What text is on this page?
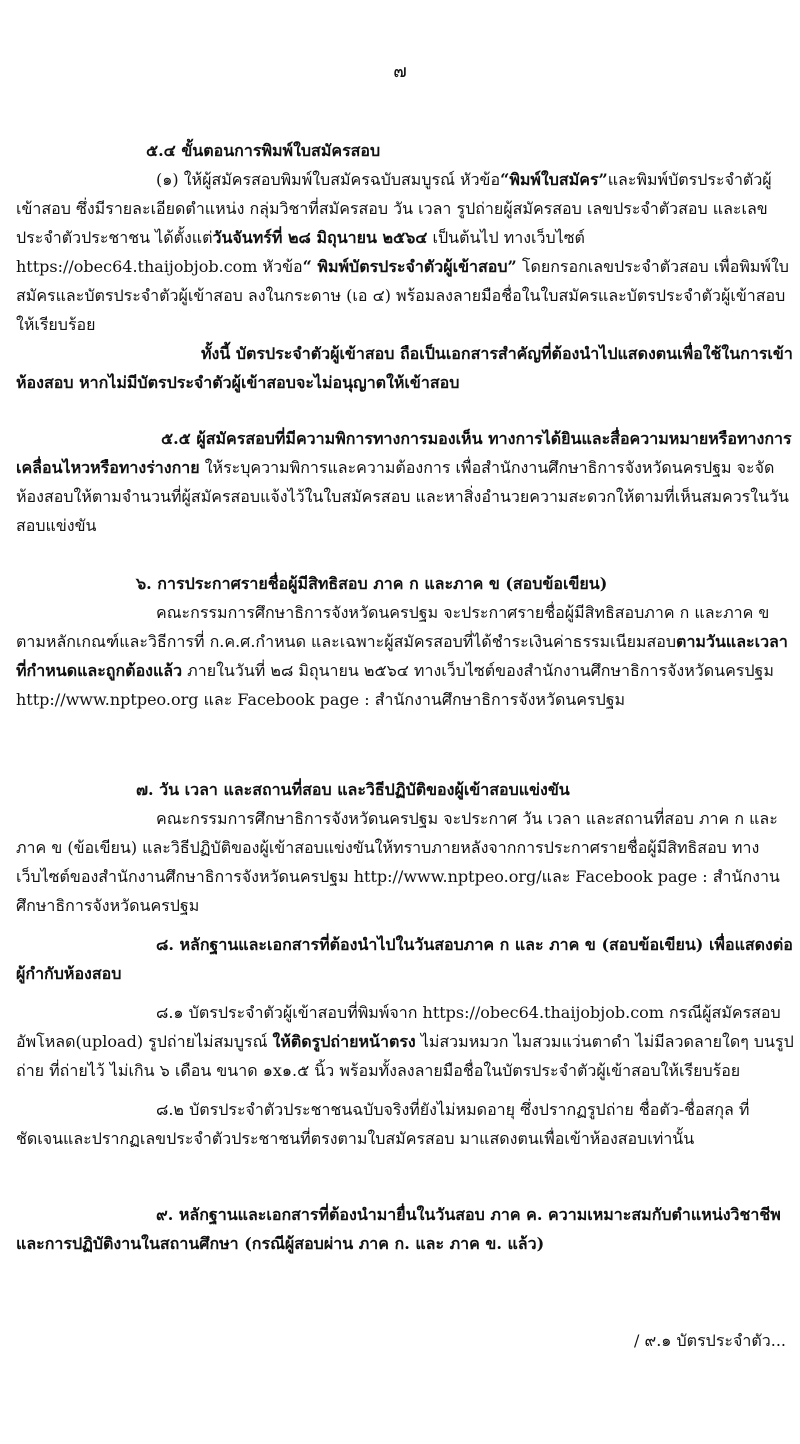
๗

๕.๔ ขั้นตอนการพิมพ์ใบสมัครสอบ

(๑) ให้ผู้สมัครสอบพิมพ์ใบสมัครฉบับสมบูรณ์ หัวข้อ“พิมพ์ใบสมัคร”และพิมพ์บัตรประจำตัวผู้เข้าสอบ ซึ่งมีรายละเอียดตำแหน่ง กลุ่มวิชาที่สมัครสอบ วัน เวลา รูปถ่ายผู้สมัครสอบ เลขประจำตัวสอบ และเลขประจำตัวประชาชน ได้ตั้งแต่วันจันทร์ที่ ๒๘ มิถุนายน ๒๕๖๔ เป็นต้นไป ทางเว็บไซต์ https://obec64.thaijobjob.com หัวข้อ“ พิมพ์บัตรประจำตัวผู้เข้าสอบ” โดยกรอกเลขประจำตัวสอบ เพื่อพิมพ์ใบสมัครและบัตรประจำตัวผู้เข้าสอบ ลงในกระดาษ (เอ ๔) พร้อมลงลายมือชื่อในใบสมัครและบัตรประจำตัวผู้เข้าสอบให้เรียบร้อย

ทั้งนี้ บัตรประจำตัวผู้เข้าสอบ ถือเป็นเอกสารสำคัญที่ต้องนำไปแสดงตนเพื่อใช้ในการเข้าห้องสอบ หากไม่มีบัตรประจำตัวผู้เข้าสอบจะไม่อนุญาตให้เข้าสอบ

๕.๕ ผู้สมัครสอบที่มีความพิการทางการมองเห็น ทางการได้ยินและสื่อความหมายหรือทางการเคลื่อนไหวหรือทางร่างกาย ให้ระบุความพิการและความต้องการ เพื่อสำนักงานศึกษาธิการจังหวัดนครปฐม จะจัดห้องสอบให้ตามจำนวนที่ผู้สมัครสอบแจ้งไว้ในใบสมัครสอบ และหาสิ่งอำนวยความสะดวกให้ตามที่เห็นสมควรในวันสอบแข่งขัน

๖. การประกาศรายชื่อผู้มีสิทธิสอบ ภาค ก และภาค ข (สอบข้อเขียน)

คณะกรรมการศึกษาธิการจังหวัดนครปฐม จะประกาศรายชื่อผู้มีสิทธิสอบภาค ก และภาค ข ตามหลักเกณฑ์และวิธีการที่ ก.ค.ศ.กำหนด และเฉพาะผู้สมัครสอบที่ได้ชำระเงินค่าธรรมเนียมสอบตามวันและเวลาที่กำหนดและถูกต้องแล้ว ภายในวันที่ ๒๘ มิถุนายน ๒๕๖๔ ทางเว็บไซต์ของสำนักงานศึกษาธิการจังหวัดนครปฐม http://www.nptpeo.org และ Facebook page : สำนักงานศึกษาธิการจังหวัดนครปฐม

๗. วัน เวลา และสถานที่สอบ และวิธีปฏิบัติของผู้เข้าสอบแข่งขัน

คณะกรรมการศึกษาธิการจังหวัดนครปฐม จะประกาศ วัน เวลา และสถานที่สอบ ภาค ก และภาค ข (ข้อเขียน) และวิธีปฏิบัติของผู้เข้าสอบแข่งขันให้ทราบภายหลังจากการประกาศรายชื่อผู้มีสิทธิสอบ ทางเว็บไซต์ของสำนักงานศึกษาธิการจังหวัดนครปฐม http://www.nptpeo.org/และ Facebook page : สำนักงานศึกษาธิการจังหวัดนครปฐม

๘. หลักฐานและเอกสารที่ต้องนำไปในวันสอบภาค ก และ ภาค ข (สอบข้อเขียน) เพื่อแสดงต่อผู้กำกับห้องสอบ

๘.๑ บัตรประจำตัวผู้เข้าสอบที่พิมพ์จาก https://obec64.thaijobjob.com กรณีผู้สมัครสอบอัพโหลด(upload) รูปถ่ายไม่สมบูรณ์ ให้ติดรูปถ่ายหน้าตรง ไม่สวมหมวก ไมสวมแว่นตาดำ ไม่มีลวดลายใดๆ บนรูปถ่าย ที่ถ่ายไว้ ไม่เกิน ๖ เดือน ขนาด ๑x๑.๕ นิ้ว พร้อมทั้งลงลายมือชื่อในบัตรประจำตัวผู้เข้าสอบให้เรียบร้อย

๘.๒ บัตรประจำตัวประชาชนฉบับจริงที่ยังไม่หมดอายุ ซึ่งปรากฏรูปถ่าย ชื่อตัว-ชื่อสกุล ที่ชัดเจนและปรากฏเลขประจำตัวประชาชนที่ตรงตามใบสมัครสอบ มาแสดงตนเพื่อเข้าห้องสอบเท่านั้น

๙. หลักฐานและเอกสารที่ต้องนำมายื่นในวันสอบ ภาค ค. ความเหมาะสมกับตำแหน่งวิชาชีพ และการปฏิบัติงานในสถานศึกษา (กรณีผู้สอบผ่าน ภาค ก. และ ภาค ข. แล้ว)

/ ๙.๑ บัตรประจำตัว...
